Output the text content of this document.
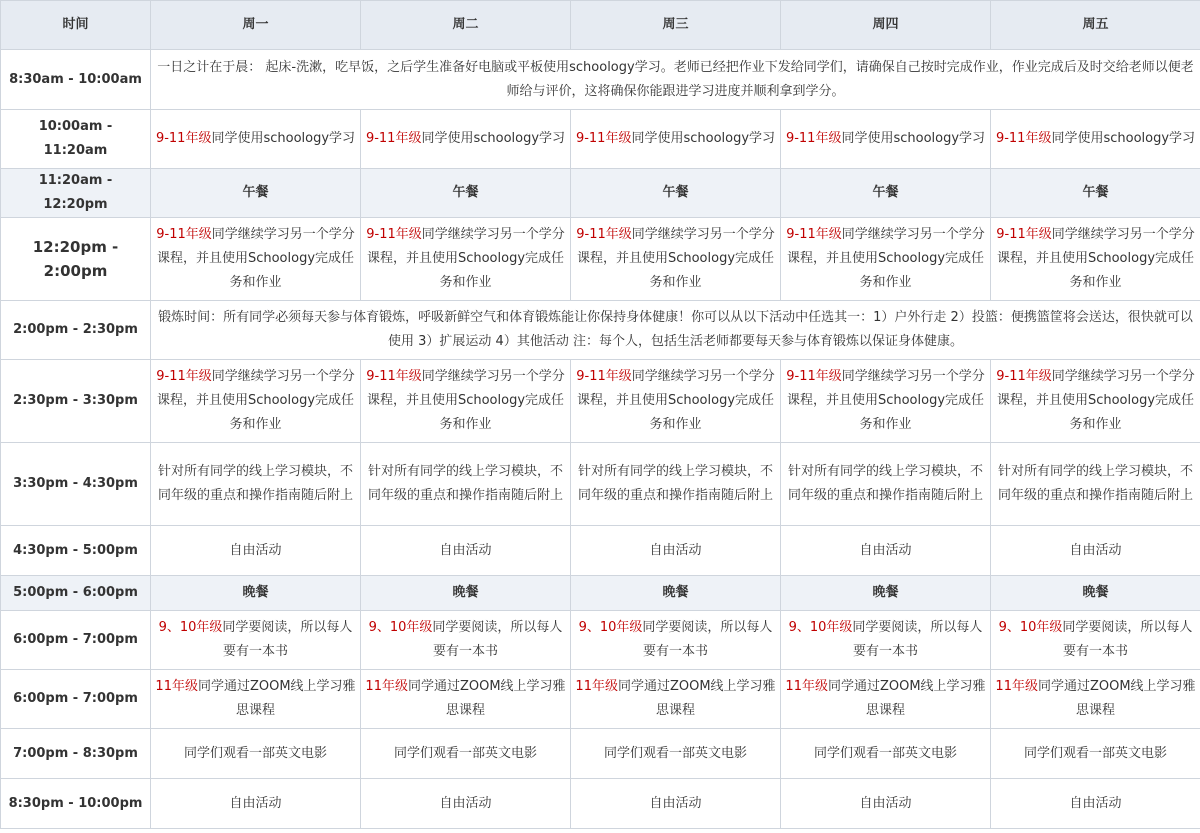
时间	周一	周二	周三	周四	周五
8:30am - 10:00am	一日之计在于晨： 起床-洗漱，吃早饭，之后学生准备好电脑或平板使用schoology学习。老师已经把作业下发给同学们，请确保自己按时完成作业，作业完成后及时交给老师以便老师给与评价，这将确保你能跟进学习进度并顺利拿到学分。				
10:00am - 11:20am	9-11年级同学使用schoology学习	9-11年级同学使用schoology学习	9-11年级同学使用schoology学习	9-11年级同学使用schoology学习	9-11年级同学使用schoology学习
11:20am - 12:20pm	午餐	午餐	午餐	午餐	午餐
12:20pm - 2:00pm	9-11年级同学继续学习另一个学分课程，并且使用Schoology完成任务和作业	9-11年级同学继续学习另一个学分课程，并且使用Schoology完成任务和作业	9-11年级同学继续学习另一个学分课程，并且使用Schoology完成任务和作业	9-11年级同学继续学习另一个学分课程，并且使用Schoology完成任务和作业	9-11年级同学继续学习另一个学分课程，并且使用Schoology完成任务和作业
2:00pm - 2:30pm	锻炼时间：所有同学必须每天参与体育锻炼，呼吸新鲜空气和体育锻炼能让你保持身体健康！你可以从以下活动中任选其一：1）户外行走 2）投篮：便携篮筐将会送达，很快就可以使用 3）扩展运动 4）其他活动 注：每个人，包括生活老师都要每天参与体育锻炼以保证身体健康。				
2:30pm - 3:30pm	9-11年级同学继续学习另一个学分课程，并且使用Schoology完成任务和作业	9-11年级同学继续学习另一个学分课程，并且使用Schoology完成任务和作业	9-11年级同学继续学习另一个学分课程，并且使用Schoology完成任务和作业	9-11年级同学继续学习另一个学分课程，并且使用Schoology完成任务和作业	9-11年级同学继续学习另一个学分课程，并且使用Schoology完成任务和作业
3:30pm - 4:30pm	针对所有同学的线上学习模块，不同年级的重点和操作指南随后附上	针对所有同学的线上学习模块，不同年级的重点和操作指南随后附上	针对所有同学的线上学习模块，不同年级的重点和操作指南随后附上	针对所有同学的线上学习模块，不同年级的重点和操作指南随后附上	针对所有同学的线上学习模块，不同年级的重点和操作指南随后附上
4:30pm - 5:00pm	自由活动	自由活动	自由活动	自由活动	自由活动
5:00pm - 6:00pm	晚餐	晚餐	晚餐	晚餐	晚餐
6:00pm - 7:00pm	9、10年级同学要阅读，所以每人要有一本书	9、10年级同学要阅读，所以每人要有一本书	9、10年级同学要阅读，所以每人要有一本书	9、10年级同学要阅读，所以每人要有一本书	9、10年级同学要阅读，所以每人要有一本书
6:00pm - 7:00pm	11年级同学通过ZOOM线上学习雅思课程	11年级同学通过ZOOM线上学习雅思课程	11年级同学通过ZOOM线上学习雅思课程	11年级同学通过ZOOM线上学习雅思课程	11年级同学通过ZOOM线上学习雅思课程
7:00pm - 8:30pm	同学们观看一部英文电影	同学们观看一部英文电影	同学们观看一部英文电影	同学们观看一部英文电影	同学们观看一部英文电影
8:30pm - 10:00pm	自由活动	自由活动	自由活动	自由活动	自由活动
